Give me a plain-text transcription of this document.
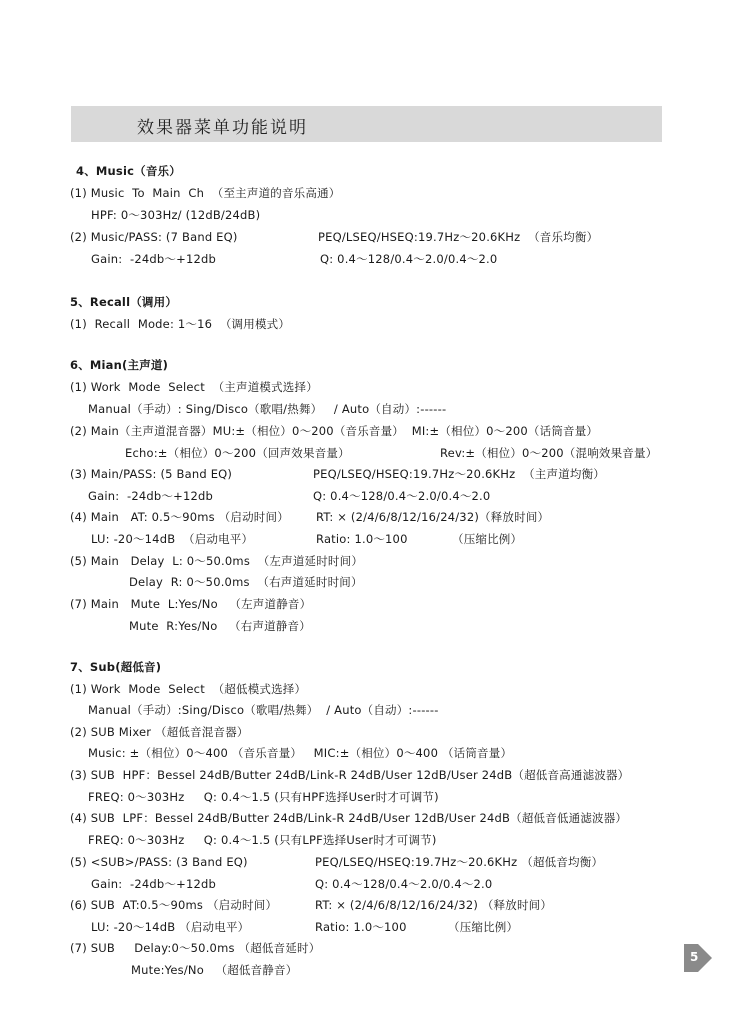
效果器菜单功能说明
4、Music（音乐）
(1) Music  To  Main  Ch  （至主声道的音乐高通）
HPF: 0～303Hz/ (12dB/24dB)
(2) Music/PASS: (7 Band EQ)	PEQ/LSEQ/HSEQ:19.7Hz～20.6KHz  （音乐均衡）
Gain:  -24db～+12db	Q: 0.4～128/0.4～2.0/0.4～2.0
5、Recall（调用）
(1)  Recall  Mode: 1～16  （调用模式）
6、Mian(主声道)
(1) Work  Mode  Select  （主声道模式选择）
Manual（手动）: Sing/Disco（歌唱/热舞）   / Auto（自动）:------
(2) Main（主声道混音器）MU:±（相位）0～200（音乐音量）  MI:±（相位）0～200（话筒音量）
Echo:±（相位）0～200（回声效果音量）	Rev:±（相位）0～200（混响效果音量）
(3) Main/PASS: (5 Band EQ)	PEQ/LSEQ/HSEQ:19.7Hz～20.6KHz  （主声道均衡）
Gain:  -24db～+12db	Q: 0.4～128/0.4～2.0/0.4～2.0
(4) Main   AT: 0.5～90ms （启动时间） RT: × (2/4/6/8/12/16/24/32)（释放时间）
LU: -20～14dB  （启动电平）	Ratio: 1.0～100	（压缩比例）
(5) Main   Delay  L: 0～50.0ms  （左声道延时时间）
Delay  R: 0～50.0ms  （右声道延时时间）
(7) Main   Mute  L:Yes/No   （左声道静音）
Mute  R:Yes/No   （右声道静音）
7、Sub(超低音)
(1) Work  Mode  Select  （超低模式选择）
Manual（手动）:Sing/Disco（歌唱/热舞）  / Auto（自动）:------
(2) SUB Mixer （超低音混音器）
Music: ±（相位）0～400 （音乐音量）   MIC:±（相位）0～400 （话筒音量）
(3) SUB  HPF：Bessel 24dB/Butter 24dB/Link-R 24dB/User 12dB/User 24dB（超低音高通滤波器）
FREQ: 0～303Hz     Q: 0.4～1.5 (只有HPF选择User时才可调节)
(4) SUB  LPF：Bessel 24dB/Butter 24dB/Link-R 24dB/User 12dB/User 24dB（超低音低通滤波器）
FREQ: 0～303Hz     Q: 0.4～1.5 (只有LPF选择User时才可调节)
(5) <SUB>/PASS: (3 Band EQ)	PEQ/LSEQ/HSEQ:19.7Hz～20.6KHz （超低音均衡）
Gain:  -24db～+12db	Q: 0.4～128/0.4～2.0/0.4～2.0
(6) SUB  AT:0.5～90ms （启动时间）	RT: × (2/4/6/8/12/16/24/32) （释放时间）
LU: -20～14dB （启动电平）	Ratio: 1.0～100	（压缩比例）
(7) SUB     Delay:0～50.0ms （超低音延时）
Mute:Yes/No   （超低音静音）
5
